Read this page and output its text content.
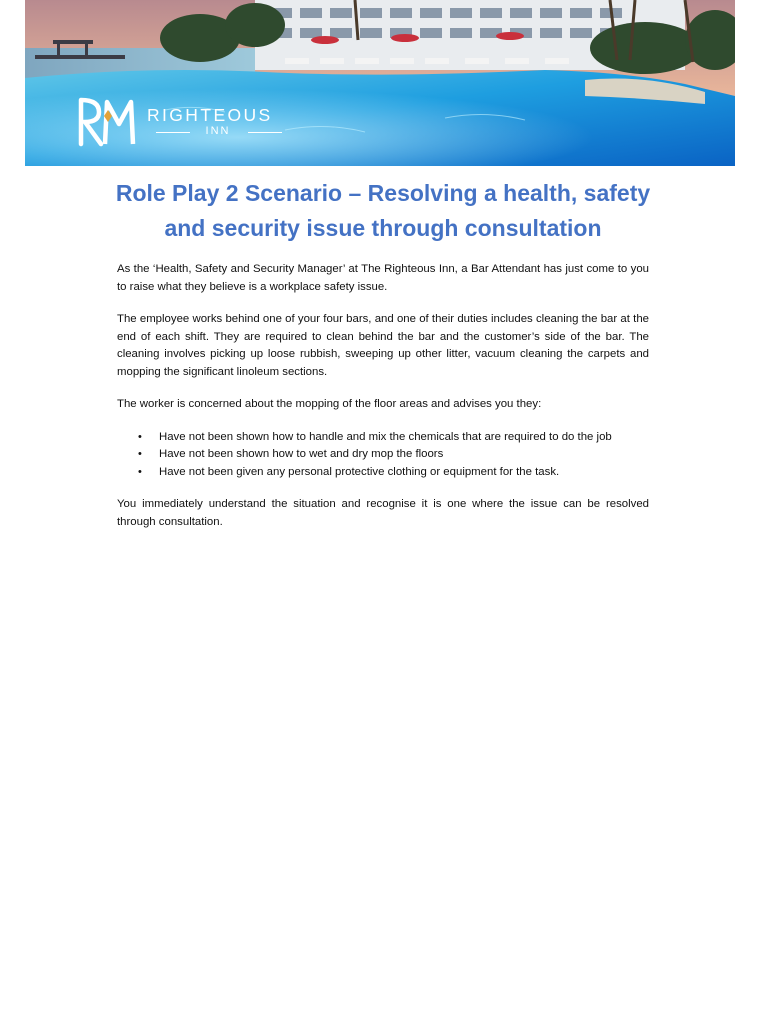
RIGHTEOUS
INN
Role Play 2 Scenario – Resolving a health, safety
and security issue through consultation

As the ‘Health, Safety and Security Manager’ at The Righteous Inn, a Bar Attendant has just come to you to raise what they believe is a workplace safety issue.

The employee works behind one of your four bars, and one of their duties includes cleaning the bar at the end of each shift. They are required to clean behind the bar and the customer’s side of the bar. The cleaning involves picking up loose rubbish, sweeping up other litter, vacuum cleaning the carpets and mopping the significant linoleum sections.

The worker is concerned about the mopping of the floor areas and advises you they:

• Have not been shown how to handle and mix the chemicals that are required to do the job
• Have not been shown how to wet and dry mop the floors
• Have not been given any personal protective clothing or equipment for the task.

You immediately understand the situation and recognise it is one where the issue can be resolved through consultation.
